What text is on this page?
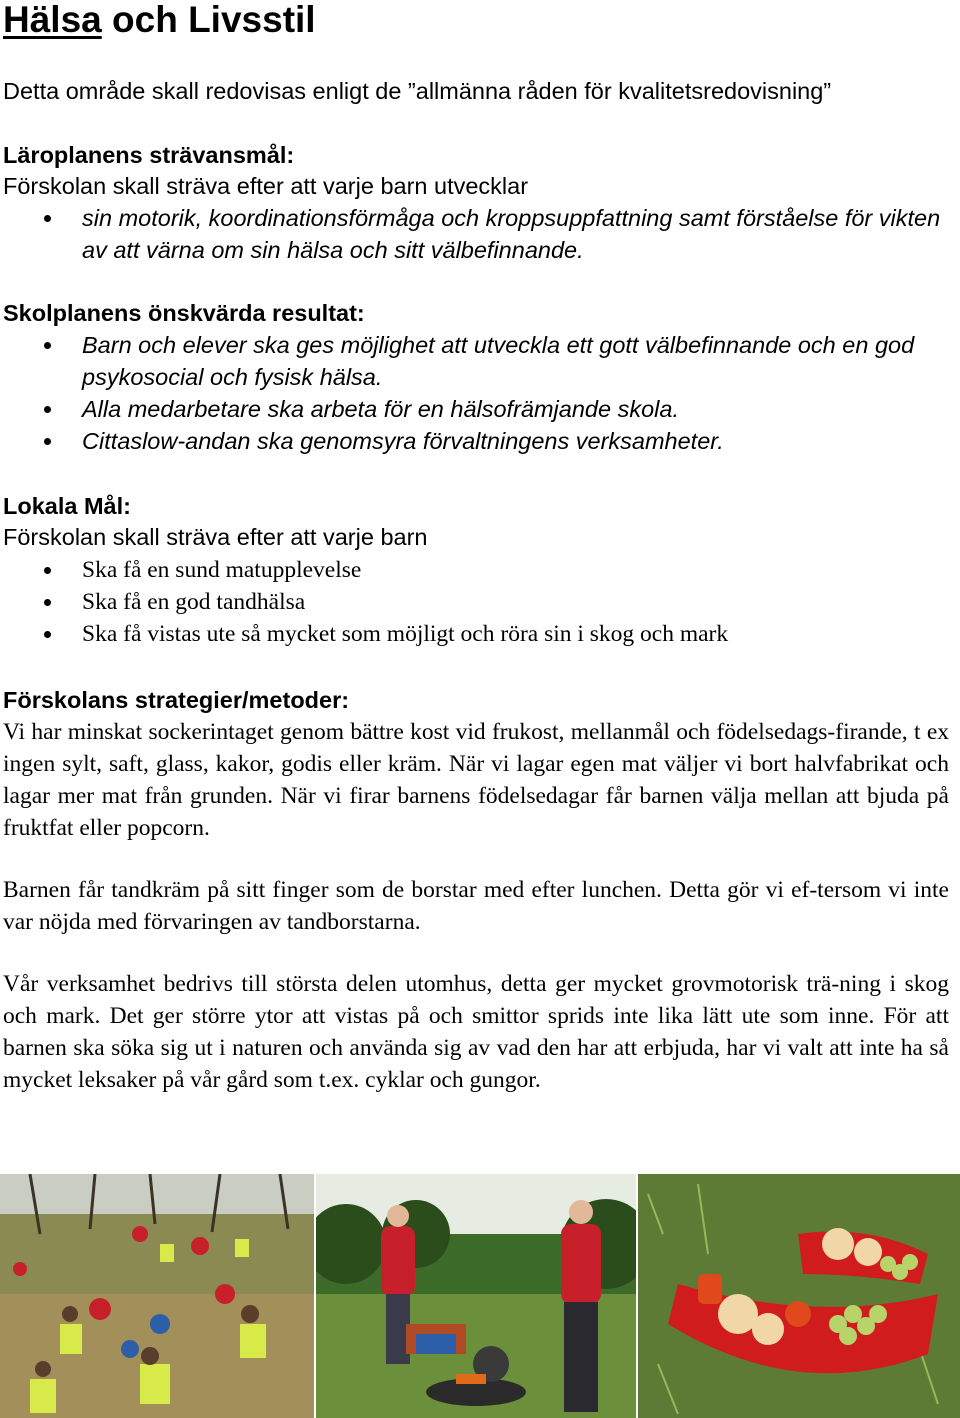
Hälsa och Livsstil

Detta område skall redovisas enligt de ”allmänna råden för kvalitetsredovisning”

Läroplanens strävansmål:

Förskolan skall sträva efter att varje barn utvecklar

sin motorik, koordinationsförmåga och kroppsuppfattning samt förståelse för vikten av att värna om sin hälsa och sitt välbefinnande.

Skolplanens önskvärda resultat:

Barn och elever ska ges möjlighet att utveckla ett gott välbefinnande och en god psykosocial och fysisk hälsa.
Alla medarbetare ska arbeta för en hälsofrämjande skola.
Cittaslow-andan ska genomsyra förvaltningens verksamheter.

Lokala Mål:

Förskolan skall sträva efter att varje barn

Ska få en sund matupplevelse
Ska få en god tandhälsa
Ska få vistas ute så mycket som möjligt och röra sin i skog och mark

Förskolans strategier/metoder:

Vi har minskat sockerintaget genom bättre kost vid frukost, mellanmål och födelsedags-firande, t ex ingen sylt, saft, glass, kakor, godis eller kräm. När vi lagar egen mat väljer vi bort halvfabrikat och lagar mer mat från grunden. När vi firar barnens födelsedagar får barnen välja mellan att bjuda på fruktfat eller popcorn.

Barnen får tandkräm på sitt finger som de borstar med efter lunchen. Detta gör vi ef-tersom vi inte var nöjda med förvaringen av tandborstarna.

Vår verksamhet bedrivs till största delen utomhus, detta ger mycket grovmotorisk trä-ning i skog och mark. Det ger större ytor att vistas på och smittor sprids inte lika lätt ute som inne. För att barnen ska söka sig ut i naturen och använda sig av vad den har att erbjuda, har vi valt att inte ha så mycket leksaker på vår gård som t.ex. cyklar och gungor.
